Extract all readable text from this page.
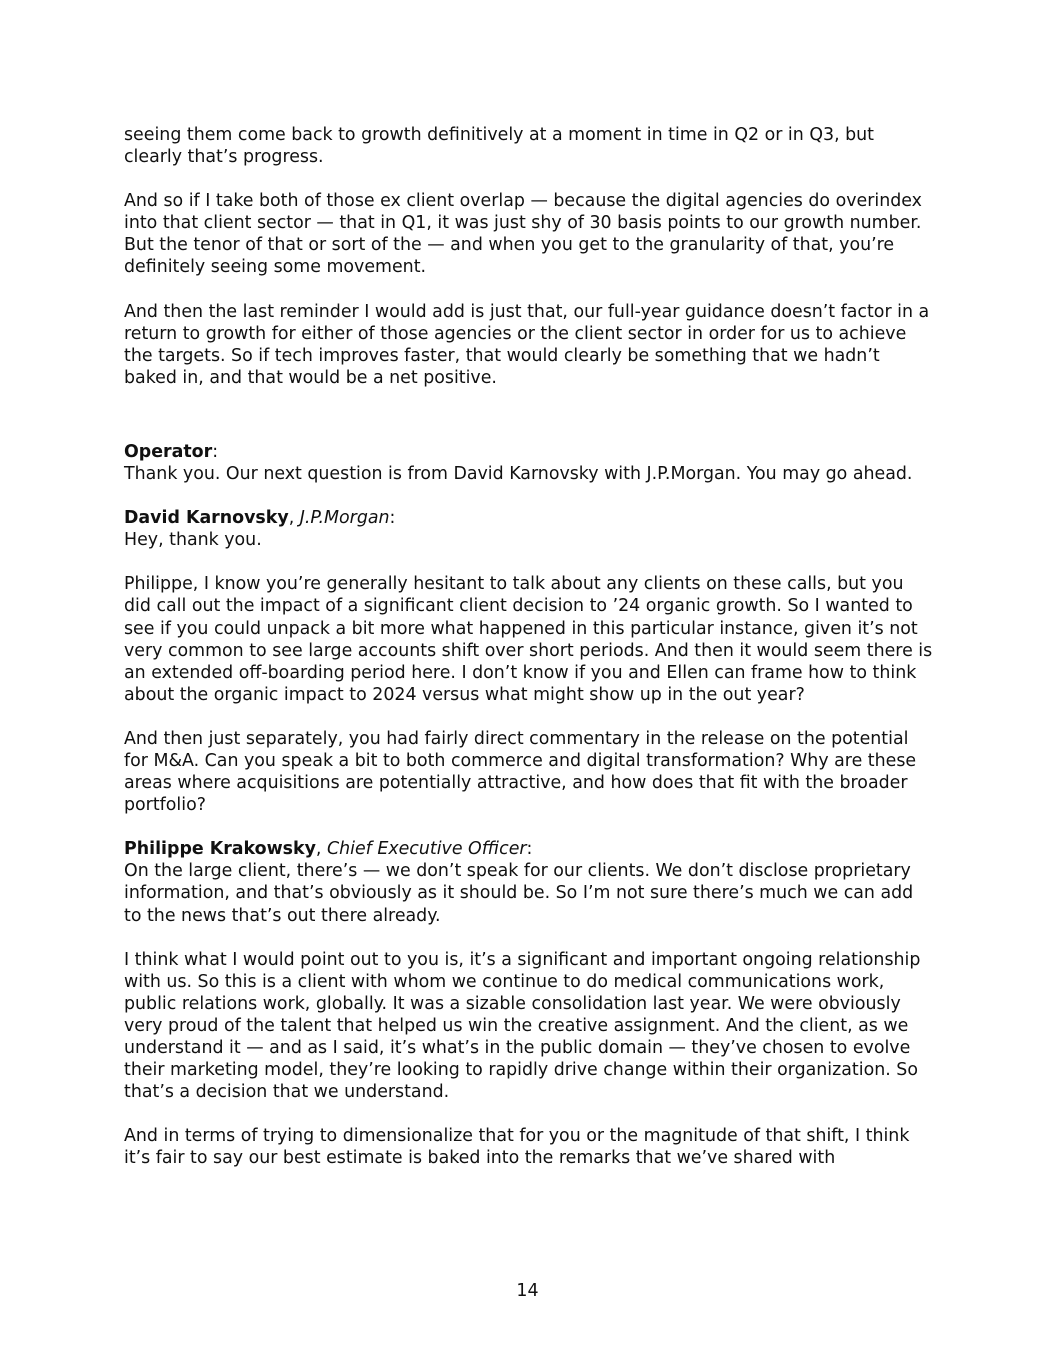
seeing them come back to growth definitively at a moment in time in Q2 or in Q3, but clearly that’s progress.

And so if I take both of those ex client overlap — because the digital agencies do overindex into that client sector — that in Q1, it was just shy of 30 basis points to our growth number. But the tenor of that or sort of the — and when you get to the granularity of that, you’re definitely seeing some movement.

And then the last reminder I would add is just that, our full-year guidance doesn’t factor in a return to growth for either of those agencies or the client sector in order for us to achieve the targets. So if tech improves faster, that would clearly be something that we hadn’t baked in, and that would be a net positive.

Operator:

Thank you. Our next question is from David Karnovsky with J.P.Morgan. You may go ahead.

David Karnovsky, J.P.Morgan:

Hey, thank you.

Philippe, I know you’re generally hesitant to talk about any clients on these calls, but you did call out the impact of a significant client decision to ’24 organic growth. So I wanted to see if you could unpack a bit more what happened in this particular instance, given it’s not very common to see large accounts shift over short periods. And then it would seem there is an extended off-boarding period here. I don’t know if you and Ellen can frame how to think about the organic impact to 2024 versus what might show up in the out year?

And then just separately, you had fairly direct commentary in the release on the potential for M&A. Can you speak a bit to both commerce and digital transformation? Why are these areas where acquisitions are potentially attractive, and how does that fit with the broader portfolio?

Philippe Krakowsky, Chief Executive Officer:

On the large client, there’s — we don’t speak for our clients. We don’t disclose proprietary information, and that’s obviously as it should be. So I’m not sure there’s much we can add to the news that’s out there already.

I think what I would point out to you is, it’s a significant and important ongoing relationship with us. So this is a client with whom we continue to do medical communications work, public relations work, globally. It was a sizable consolidation last year. We were obviously very proud of the talent that helped us win the creative assignment. And the client, as we understand it — and as I said, it’s what’s in the public domain — they’ve chosen to evolve their marketing model, they’re looking to rapidly drive change within their organization. So that’s a decision that we understand.

And in terms of trying to dimensionalize that for you or the magnitude of that shift, I think it’s fair to say our best estimate is baked into the remarks that we’ve shared with

14
